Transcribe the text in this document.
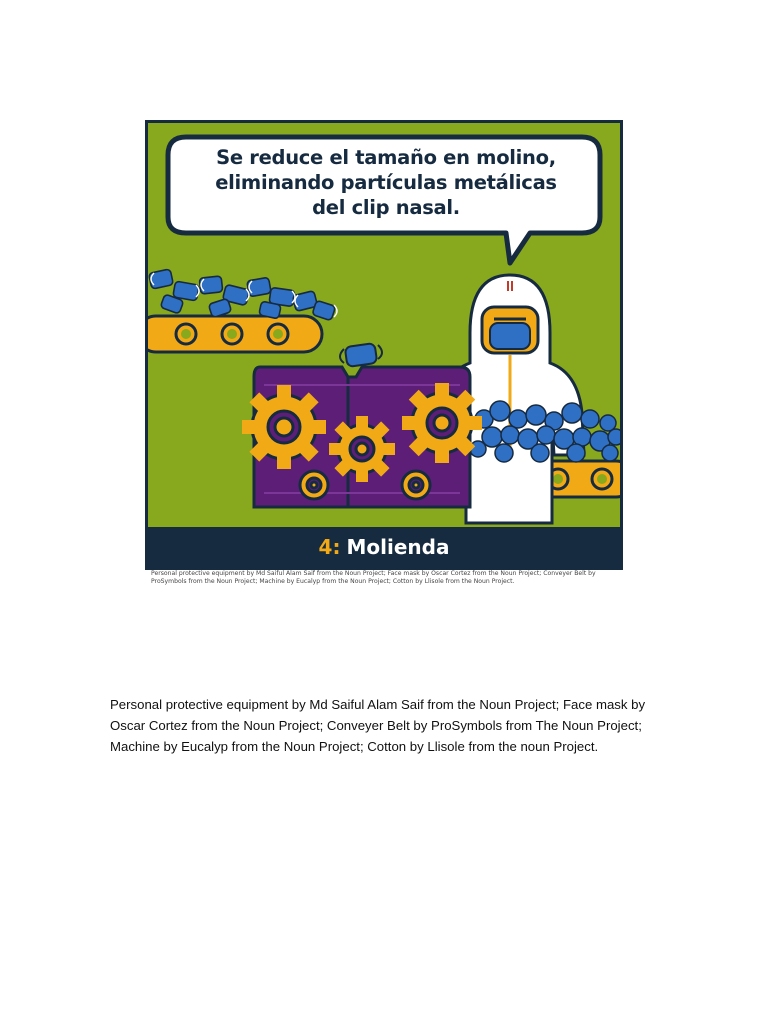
Se reduce el tamaño en molino,
eliminando partículas metálicas
del clip nasal.
4: Molienda
Personal protective equipment by Md Saiful Alam Saif from the Noun Project; Face mask by Oscar Cortez from the Noun Project; Conveyer Belt by ProSymbols from the Noun Project; Machine by Eucalyp from the Noun Project; Cotton by Llisole from the Noun Project.
Personal protective equipment by Md Saiful Alam Saif from the Noun Project; Face mask by Oscar Cortez from the Noun Project; Conveyer Belt by ProSymbols from The Noun Project; Machine by Eucalyp from the Noun Project; Cotton by Llisole from the noun Project.
